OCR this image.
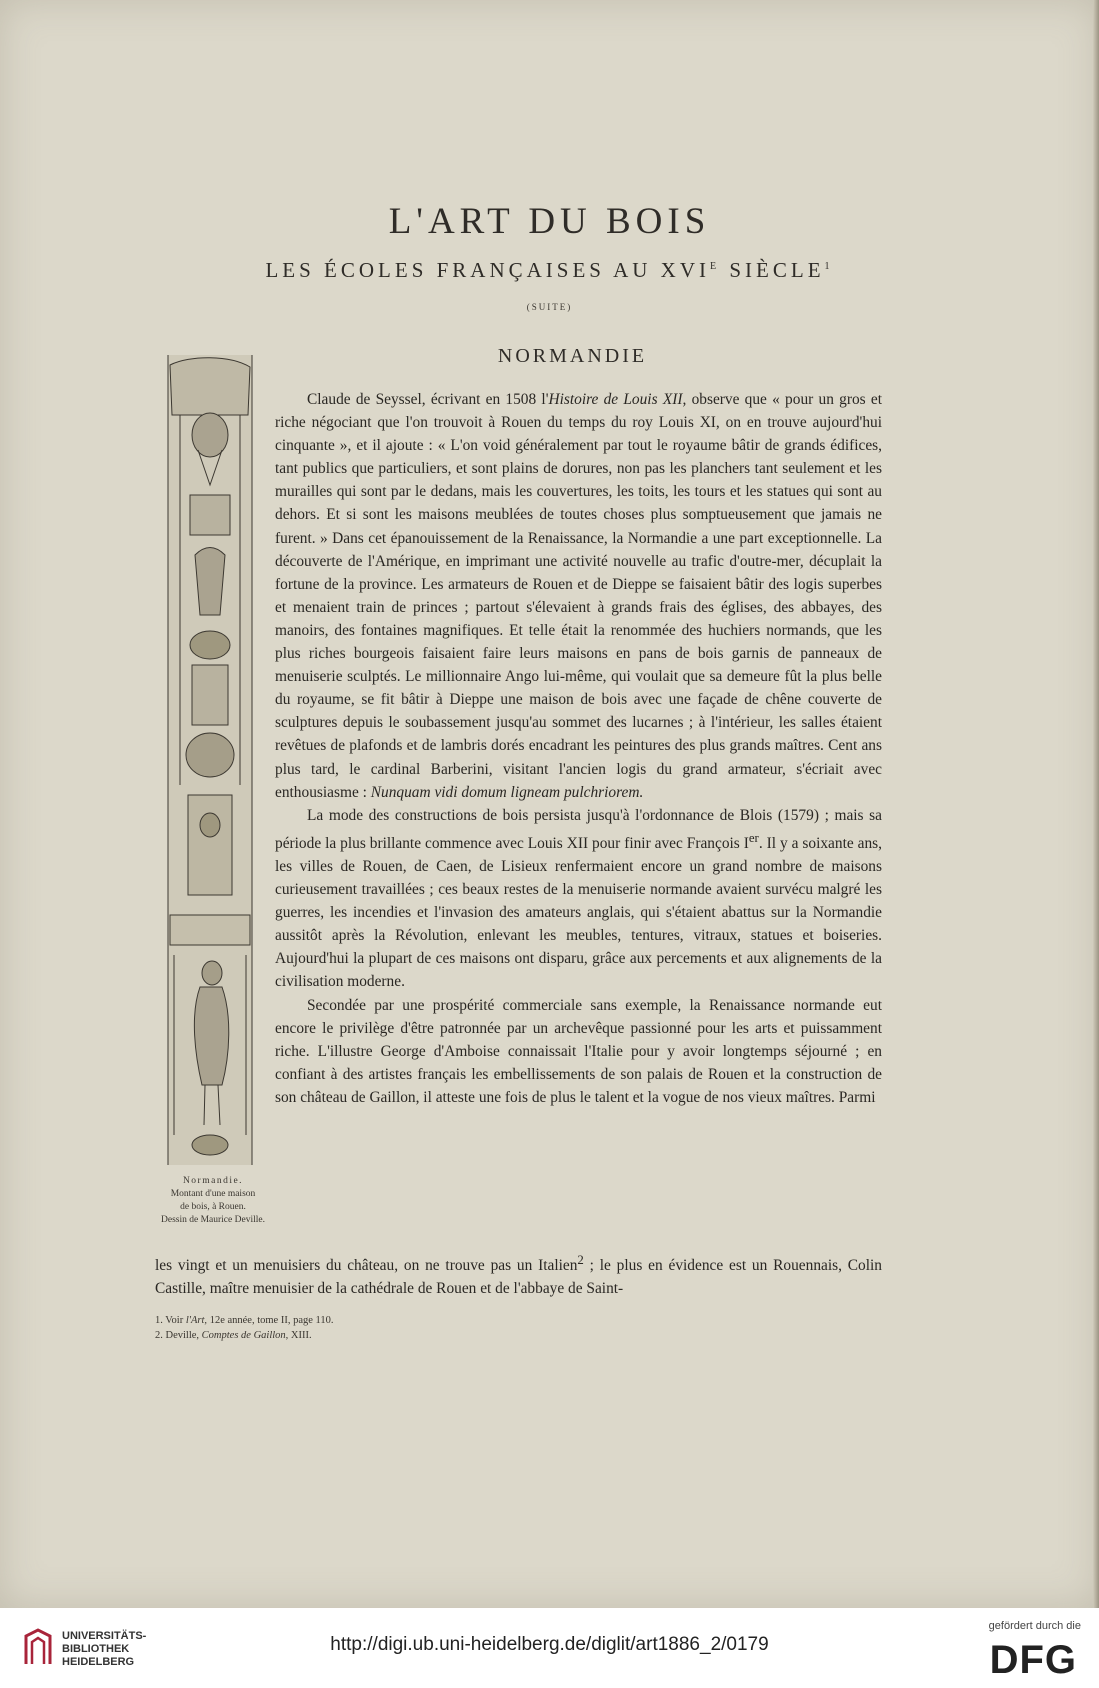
L'ART DU BOIS
LES ÉCOLES FRANÇAISES AU $XVI^E$ SIÈCLE$^1$
(SUITE)
NORMANDIE
Normandie.
Montant d'une maison
de bois, à Rouen.
Dessin de Maurice Deville.

Claude de Seyssel, écrivant en 1508 l'Histoire de Louis XII, observe que « pour un gros et riche négociant que l'on trouvoit à Rouen du temps du roy Louis XI, on en trouve aujourd'hui cinquante », et il ajoute : « L'on void généralement par tout le royaume bâtir de grands édifices, tant publics que particuliers, et sont plains de dorures, non pas les planchers tant seulement et les murailles qui sont par le dedans, mais les couvertures, les toits, les tours et les statues qui sont au dehors. Et si sont les maisons meublées de toutes choses plus somptueusement que jamais ne furent. » Dans cet épanouissement de la Renaissance, la Normandie a une part exceptionnelle. La découverte de l'Amérique, en imprimant une activité nouvelle au trafic d'outre-mer, décuplait la fortune de la province. Les armateurs de Rouen et de Dieppe se faisaient bâtir des logis superbes et menaient train de princes ; partout s'élevaient à grands frais des églises, des abbayes, des manoirs, des fontaines magnifiques. Et telle était la renommée des huchiers normands, que les plus riches bourgeois faisaient faire leurs maisons en pans de bois garnis de panneaux de menuiserie sculptés. Le millionnaire Ango lui-même, qui voulait que sa demeure fût la plus belle du royaume, se fit bâtir à Dieppe une maison de bois avec une façade de chêne couverte de sculptures depuis le soubassement jusqu'au sommet des lucarnes ; à l'intérieur, les salles étaient revêtues de plafonds et de lambris dorés encadrant les peintures des plus grands maîtres. Cent ans plus tard, le cardinal Barberini, visitant l'ancien logis du grand armateur, s'écriait avec enthousiasme : Nunquam vidi domum ligneam pulchriorem.

La mode des constructions de bois persista jusqu'à l'ordonnance de Blois (1579) ; mais sa période la plus brillante commence avec Louis XII pour finir avec François Ier. Il y a soixante ans, les villes de Rouen, de Caen, de Lisieux renfermaient encore un grand nombre de maisons curieusement travaillées ; ces beaux restes de la menuiserie normande avaient survécu malgré les guerres, les incendies et l'invasion des amateurs anglais, qui s'étaient abattus sur la Normandie aussitôt après la Révolution, enlevant les meubles, tentures, vitraux, statues et boiseries. Aujourd'hui la plupart de ces maisons ont disparu, grâce aux percements et aux alignements de la civilisation moderne.

Secondée par une prospérité commerciale sans exemple, la Renaissance normande eut encore le privilège d'être patronnée par un archevêque passionné pour les arts et puissamment riche. L'illustre George d'Amboise connaissait l'Italie pour y avoir longtemps séjourné ; en confiant à des artistes français les embellissements de son palais de Rouen et la construction de son château de Gaillon, il atteste une fois de plus le talent et la vogue de nos vieux maîtres. Parmi

les vingt et un menuisiers du château, on ne trouve pas un Italien$^2$ ; le plus en évidence est un Rouennais, Colin Castille, maître menuisier de la cathédrale de Rouen et de l'abbaye de Saint-

1. Voir l'Art, 12e année, tome II, page 110.
2. Deville, Comptes de Gaillon, XIII.
UNIVERSITÄTS-
BIBLIOTHEK
HEIDELBERG
http://digi.ub.uni-heidelberg.de/diglit/art1886_2/0179
gefördert durch die
DFG
